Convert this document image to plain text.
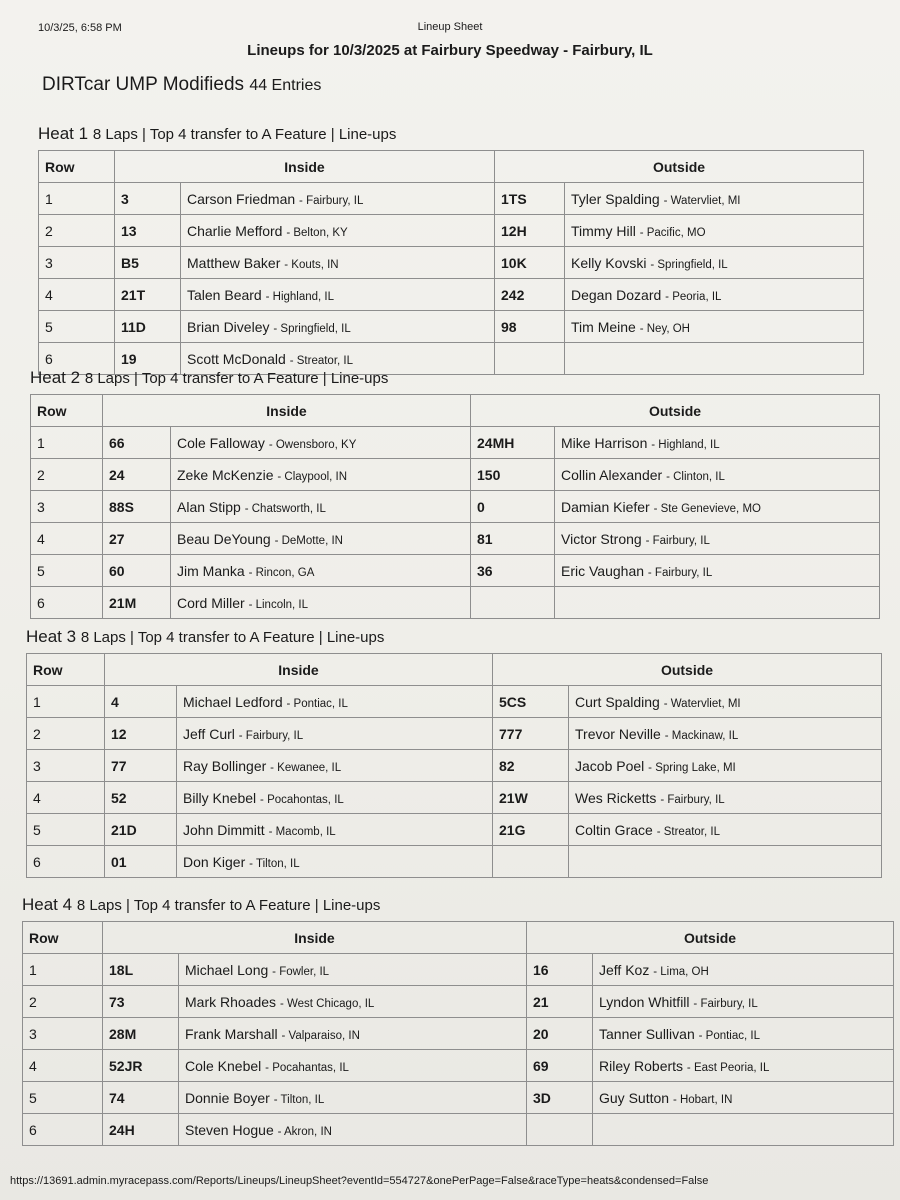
10/3/25, 6:58 PM	Lineup Sheet
Lineups for 10/3/2025 at Fairbury Speedway - Fairbury, IL
DIRTcar UMP Modifieds 44 Entries
Heat 1 8 Laps | Top 4 transfer to A Feature | Line-ups
Row	Inside		Outside	
1	3	Carson Friedman - Fairbury, IL	1TS	Tyler Spalding - Watervliet, MI
2	13	Charlie Mefford - Belton, KY	12H	Timmy Hill - Pacific, MO
3	B5	Matthew Baker - Kouts, IN	10K	Kelly Kovski - Springfield, IL
4	21T	Talen Beard - Highland, IL	242	Degan Dozard - Peoria, IL
5	11D	Brian Diveley - Springfield, IL	98	Tim Meine - Ney, OH
6	19	Scott McDonald - Streator, IL		
Heat 2 8 Laps | Top 4 transfer to A Feature | Line-ups
Row	Inside		Outside	
1	66	Cole Falloway - Owensboro, KY	24MH	Mike Harrison - Highland, IL
2	24	Zeke McKenzie - Claypool, IN	150	Collin Alexander - Clinton, IL
3	88S	Alan Stipp - Chatsworth, IL	0	Damian Kiefer - Ste Genevieve, MO
4	27	Beau DeYoung - DeMotte, IN	81	Victor Strong - Fairbury, IL
5	60	Jim Manka - Rincon, GA	36	Eric Vaughan - Fairbury, IL
6	21M	Cord Miller - Lincoln, IL		
Heat 3 8 Laps | Top 4 transfer to A Feature | Line-ups
Row	Inside		Outside	
1	4	Michael Ledford - Pontiac, IL	5CS	Curt Spalding - Watervliet, MI
2	12	Jeff Curl - Fairbury, IL	777	Trevor Neville - Mackinaw, IL
3	77	Ray Bollinger - Kewanee, IL	82	Jacob Poel - Spring Lake, MI
4	52	Billy Knebel - Pocahontas, IL	21W	Wes Ricketts - Fairbury, IL
5	21D	John Dimmitt - Macomb, IL	21G	Coltin Grace - Streator, IL
6	01	Don Kiger - Tilton, IL		
Heat 4 8 Laps | Top 4 transfer to A Feature | Line-ups
Row	Inside		Outside	
1	18L	Michael Long - Fowler, IL	16	Jeff Koz - Lima, OH
2	73	Mark Rhoades - West Chicago, IL	21	Lyndon Whitfill - Fairbury, IL
3	28M	Frank Marshall - Valparaiso, IN	20	Tanner Sullivan - Pontiac, IL
4	52JR	Cole Knebel - Pocahantas, IL	69	Riley Roberts - East Peoria, IL
5	74	Donnie Boyer - Tilton, IL	3D	Guy Sutton - Hobart, IN
6	24H	Steven Hogue - Akron, IN		
https://13691.admin.myracepass.com/Reports/Lineups/LineupSheet?eventId=554727&onePerPage=False&raceType=heats&condensed=False
